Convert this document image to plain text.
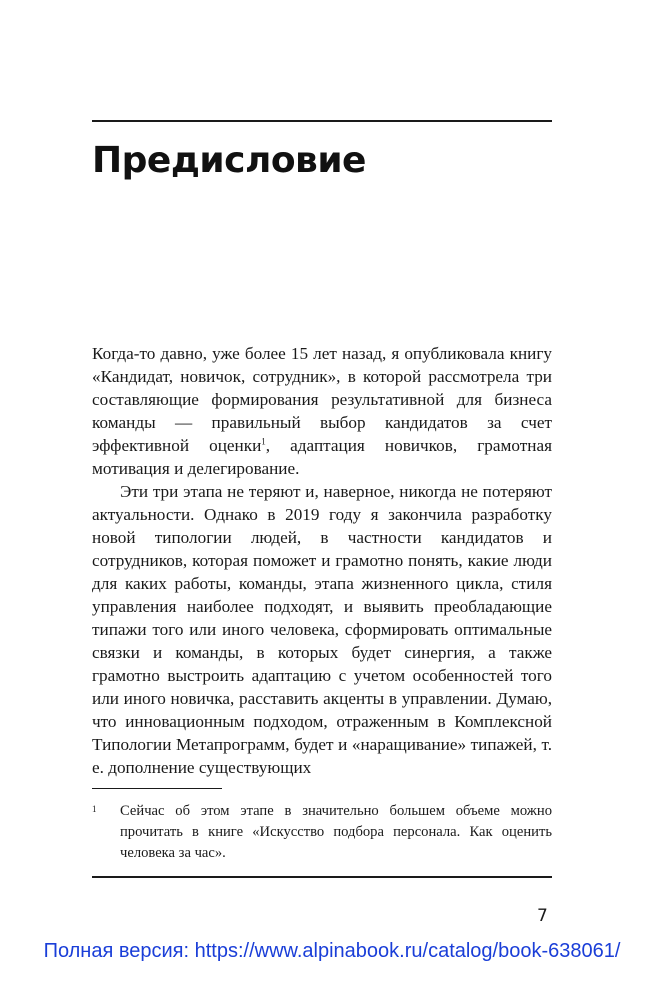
Предисловие

Когда-то давно, уже более 15 лет назад, я опубликовала книгу «Кандидат, новичок, сотрудник», в которой рассмотрела три составляющие формирования результативной для бизнеса команды — правильный выбор кандидатов за счет эффективной оценки$^1$, адаптация новичков, грамотная мотивация и делегирование.

Эти три этапа не теряют и, наверное, никогда не потеряют актуальности. Однако в 2019 году я закончила разработку новой типологии людей, в частности кандидатов и сотрудников, которая поможет и грамотно понять, какие люди для каких работы, команды, этапа жизненного цикла, стиля управления наиболее подходят, и выявить преобладающие типажи того или иного человека, сформировать оптимальные связки и команды, в которых будет синергия, а также грамотно выстроить адаптацию с учетом особенностей того или иного новичка, расставить акценты в управлении. Думаю, что инновационным подходом, отраженным в Комплексной Типологии Метапрограмм, будет и «наращивание» типажей, т. е. дополнение существующих

1 Сейчас об этом этапе в значительно большем объеме можно прочитать в книге «Искусство подбора персонала. Как оценить человека за час».
7
Полная версия: https://www.alpinabook.ru/catalog/book-638061/
